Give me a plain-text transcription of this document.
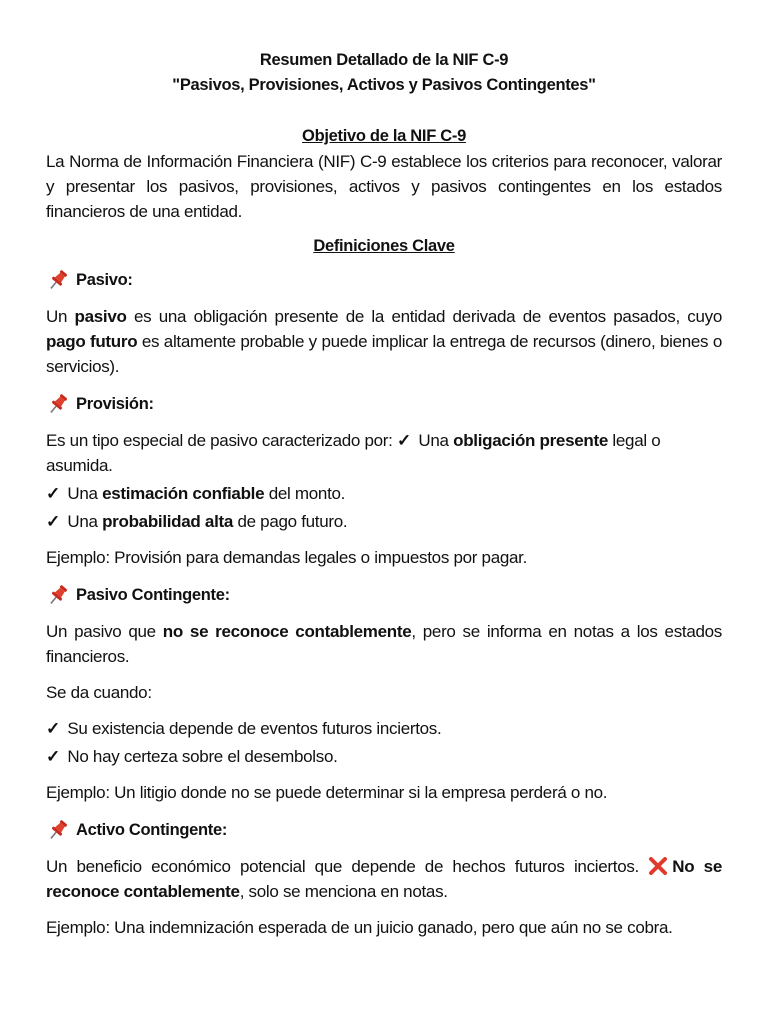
Resumen Detallado de la NIF C-9
"Pasivos, Provisiones, Activos y Pasivos Contingentes"
Objetivo de la NIF C-9

La Norma de Información Financiera (NIF) C-9 establece los criterios para reconocer, valorar y presentar los pasivos, provisiones, activos y pasivos contingentes en los estados financieros de una entidad.

Definiciones Clave
Pasivo:

Un pasivo es una obligación presente de la entidad derivada de eventos pasados, cuyo pago futuro es altamente probable y puede implicar la entrega de recursos (dinero, bienes o servicios).

Provisión:

Es un tipo especial de pasivo caracterizado por: ✓ Una obligación presente legal o asumida.

✓ Una estimación confiable del monto.

✓ Una probabilidad alta de pago futuro.

Ejemplo: Provisión para demandas legales o impuestos por pagar.

Pasivo Contingente:

Un pasivo que no se reconoce contablemente, pero se informa en notas a los estados financieros.

Se da cuando:

✓ Su existencia depende de eventos futuros inciertos.

✓ No hay certeza sobre el desembolso.

Ejemplo: Un litigio donde no se puede determinar si la empresa perderá o no.

Activo Contingente:

Un beneficio económico potencial que depende de hechos futuros inciertos. No se reconoce contablemente, solo se menciona en notas.

Ejemplo: Una indemnización esperada de un juicio ganado, pero que aún no se cobra.
